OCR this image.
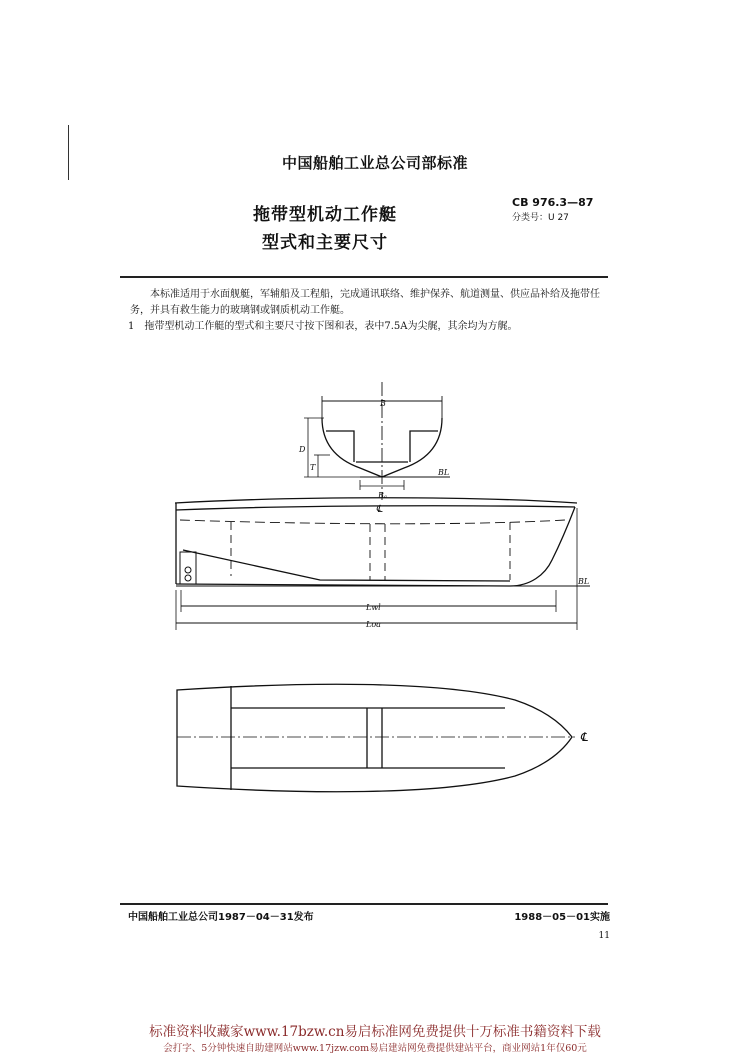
中国船舶工业总公司部标准
拖带型机动工作艇
型式和主要尺寸
CB 976.3—87
分类号：U 27
本标准适用于水面舰艇，军辅船及工程船，完成通讯联络、维护保养、航道测量、供应品补给及拖带任务，并具有救生能力的玻璃钢或钢质机动工作艇。
1　拖带型机动工作艇的型式和主要尺寸按下图和表，表中7.5A为尖艉，其余均为方艉。
B
D
T
BL
Bₐ
℄
BL
Lwl
Loa
℄
中国船舶工业总公司1987－04－31发布	1988－05－01实施
11
标准资料收藏家www.17bzw.cn易启标准网免费提供十万标准书籍资料下载
会打字、5分钟快速自助建网站www.17jzw.com易启建站网免费提供建站平台，商业网站1年仅60元
